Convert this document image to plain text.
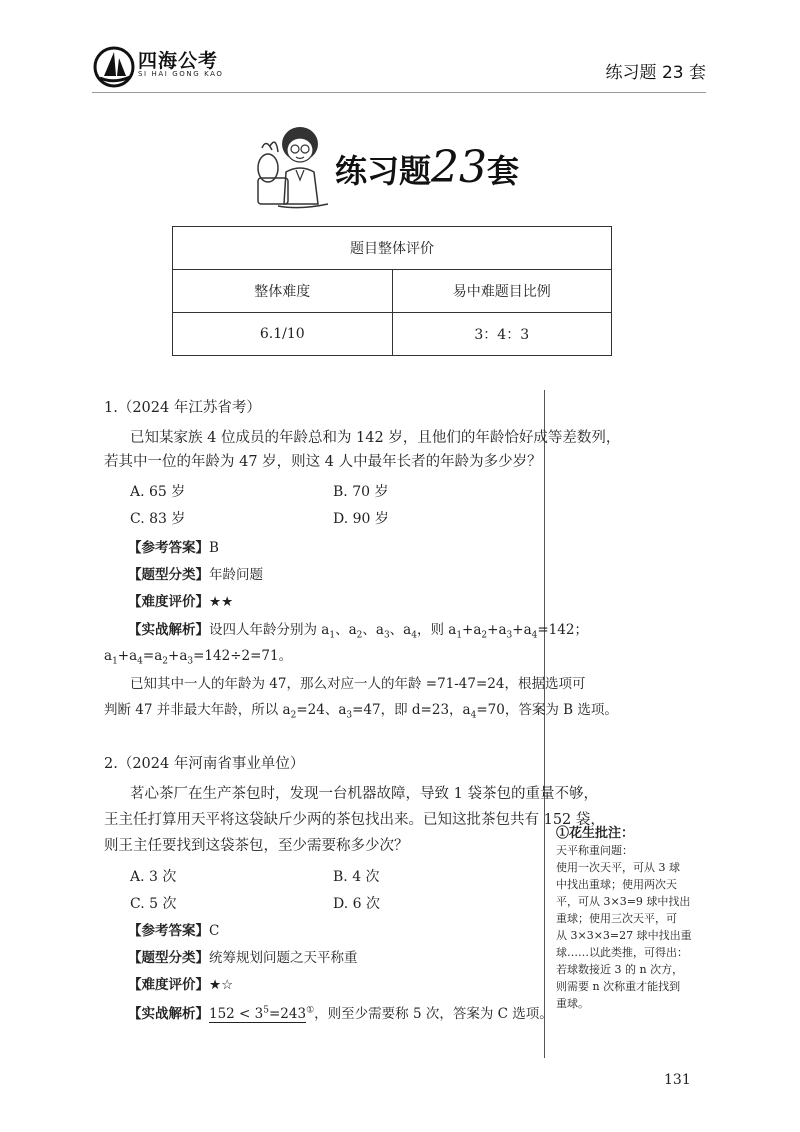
四海公考
SI HAI GONG KAO	练习题 23 套
练习题23套
题目整体评价	
整体难度	易中难题目比例
6.1/10	3：4：3
1.（2024 年江苏省考）
已知某家族 4 位成员的年龄总和为 142 岁，且他们的年龄恰好成等差数列，
若其中一位的年龄为 47 岁，则这 4 人中最年长者的年龄为多少岁？
A. 65 岁	B. 70 岁
C. 83 岁	D. 90 岁
【参考答案】B
【题型分类】年龄问题
【难度评价】★★
【实战解析】设四人年龄分别为 $a_1$、$a_2$、$a_3$、$a_4$，则 $a_1+a_2+a_3+a_4=142$；
$a_1+a_4=a_2+a_3=142\div 2=71$。
已知其中一人的年龄为 47，那么对应一人的年龄 =71-47=24，根据选项可
判断 47 并非最大年龄，所以 $a_2=24$、$a_3=47$，即 d=23，$a_4=70$，答案为 B 选项。
2.（2024 年河南省事业单位）
茗心茶厂在生产茶包时，发现一台机器故障，导致 1 袋茶包的重量不够，
王主任打算用天平将这袋缺斤少两的茶包找出来。已知这批茶包共有 152 袋，
则王主任要找到这袋茶包，至少需要称多少次？
A. 3 次	B. 4 次
C. 5 次	D. 6 次
【参考答案】C
【题型分类】统筹规划问题之天平称重
【难度评价】★☆
【实战解析】$152 < 3^5=243^①$，则至少需要称 5 次，答案为 C 选项。
①花生批注：
天平称重问题：
使用一次天平，可从 3 球
中找出重球；使用两次天
平，可从 3×3=9 球中找出
重球；使用三次天平，可
从 3×3×3=27 球中找出重
球……以此类推，可得出：
若球数接近 3 的 n 次方，
则需要 n 次称重才能找到
重球。
131
